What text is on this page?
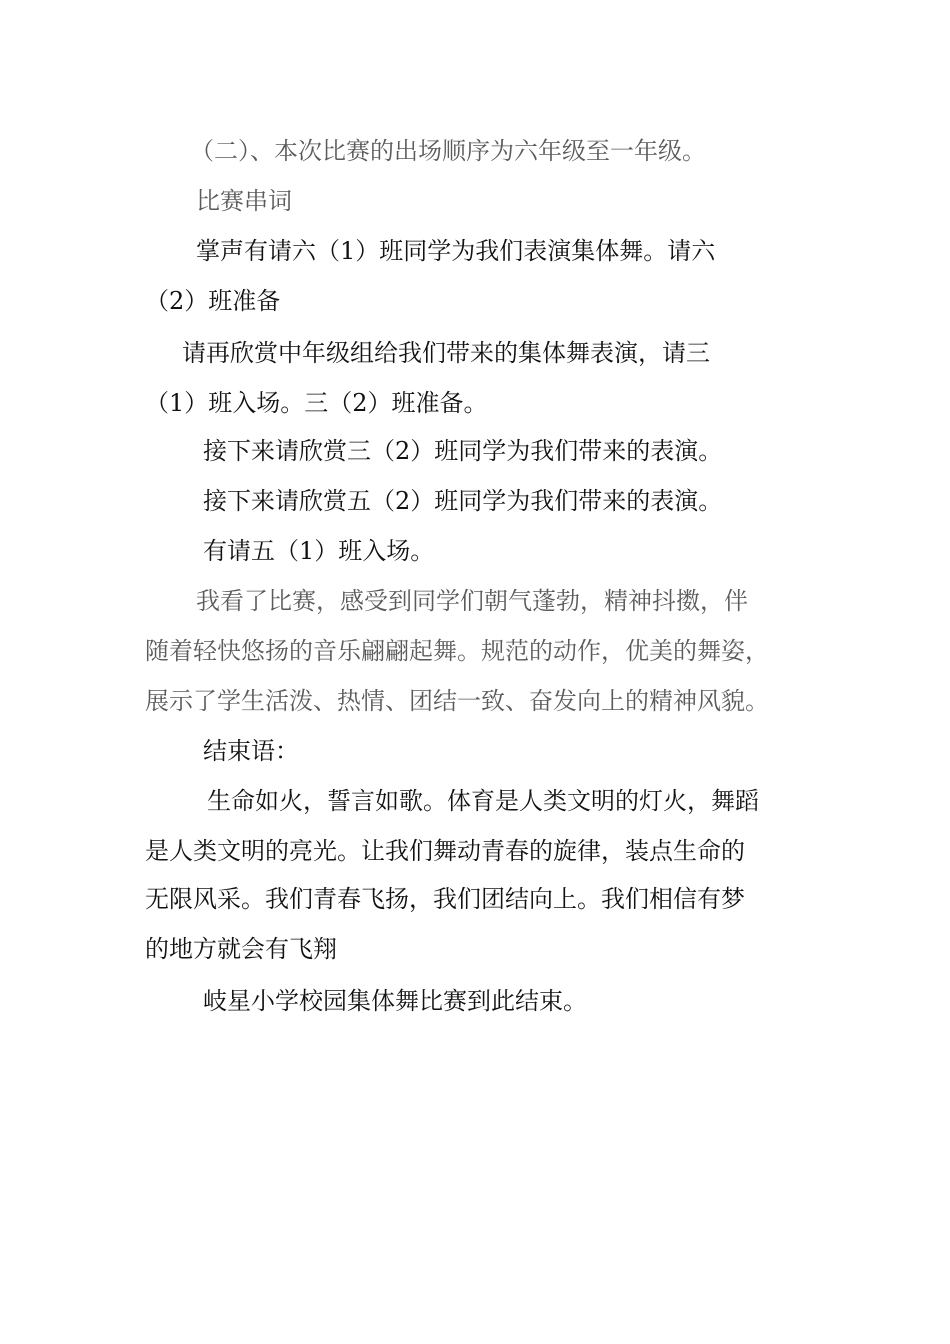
（二）、本次比赛的出场顺序为六年级至一年级。
比赛串词
掌声有请六（1）班同学为我们表演集体舞。请六
（2）班准备
请再欣赏中年级组给我们带来的集体舞表演，请三
（1）班入场。三（2）班准备。
接下来请欣赏三（2）班同学为我们带来的表演。
接下来请欣赏五（2）班同学为我们带来的表演。
有请五（1）班入场。
我看了比赛，感受到同学们朝气蓬勃，精神抖擞，伴
随着轻快悠扬的音乐翩翩起舞。规范的动作，优美的舞姿，
展示了学生活泼、热情、团结一致、奋发向上的精神风貌。
结束语：
生命如火，誓言如歌。体育是人类文明的灯火，舞蹈
是人类文明的亮光。让我们舞动青春的旋律，装点生命的
无限风采。我们青春飞扬，我们团结向上。我们相信有梦
的地方就会有飞翔
岐星小学校园集体舞比赛到此结束。
